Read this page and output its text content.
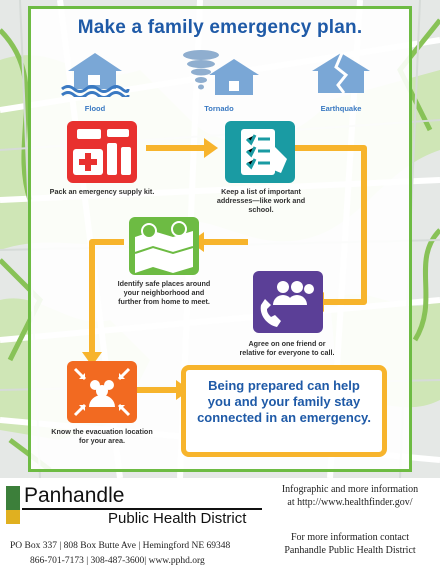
Make a family emergency plan.
Flood	Tornado	Earthquake
Pack an emergency supply kit.	Keep a list of important addresses—like work and school.
Identify safe places around your neighborhood and further from home to meet.
Agree on one friend or relative for everyone to call.
Know the evacuation location for your area.
Being prepared can help you and your family stay connected in an emergency.
Panhandle
Public Health District
PO Box 337 | 808 Box Butte Ave | Hemingford NE 69348
866-701-7173 | 308-487-3600| www.pphd.org
Infographic and more information
at http://www.healthfinder.gov/
For more information contact
Panhandle Public Health District
